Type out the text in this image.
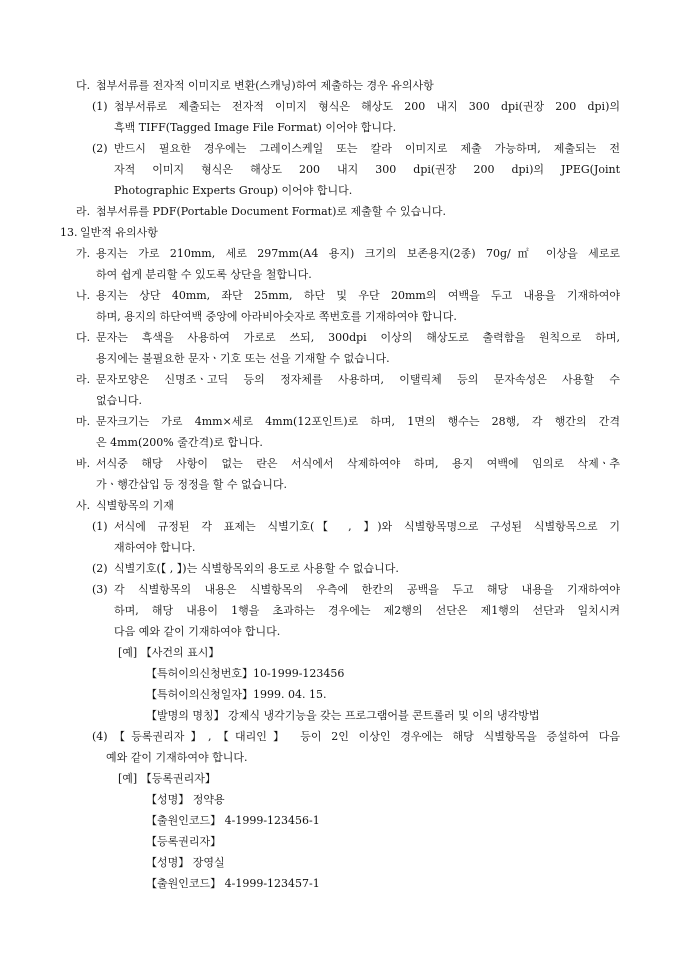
다. 첨부서류를 전자적 이미지로 변환(스캐닝)하여 제출하는 경우 유의사항
(1) 첨부서류로 제출되는 전자적 이미지 형식은 해상도 200 내지 300 dpi(권장 200 dpi)의
흑백 TIFF(Tagged Image File Format) 이어야 합니다.
(2) 반드시 필요한 경우에는 그레이스케일 또는 칼라 이미지로 제출 가능하며, 제출되는 전
자적 이미지 형식은 해상도 200 내지 300 dpi(권장 200 dpi)의 JPEG(Joint
Photographic Experts Group) 이어야 합니다.
라. 첨부서류를 PDF(Portable Document Format)로 제출할 수 있습니다.
13. 일반적 유의사항
가. 용지는 가로 210mm, 세로 297mm(A4 용지) 크기의 보존용지(2종) 70g/㎡ 이상을 세로로
하여 쉽게 분리할 수 있도록 상단을 철합니다.
나. 용지는 상단 40mm, 좌단 25mm, 하단 및 우단 20mm의 여백을 두고 내용을 기재하여야
하며, 용지의 하단여백 중앙에 아라비아숫자로 쪽번호를 기재하여야 합니다.
다. 문자는 흑색을 사용하여 가로로 쓰되, 300dpi 이상의 해상도로 출력함을 원칙으로 하며,
용지에는 불필요한 문자ㆍ기호 또는 선을 기재할 수 없습니다.
라. 문자모양은 신명조ㆍ고딕 등의 정자체를 사용하며, 이탤릭체 등의 문자속성은 사용할 수
없습니다.
마. 문자크기는 가로 4mm×세로 4mm(12포인트)로 하며, 1면의 행수는 28행, 각 행간의 간격
은 4mm(200% 줄간격)로 합니다.
바. 서식중 해당 사항이 없는 란은 서식에서 삭제하여야 하며, 용지 여백에 임의로 삭제ㆍ추
가ㆍ행간삽입 등 정정을 할 수 없습니다.
사. 식별항목의 기재
(1) 서식에 규정된 각 표제는 식별기호(【 , 】)와 식별항목명으로 구성된 식별항목으로 기
재하여야 합니다.
(2) 식별기호(【 , 】)는 식별항목외의 용도로 사용할 수 없습니다.
(3) 각 식별항목의 내용은 식별항목의 우측에 한칸의 공백을 두고 해당 내용을 기재하여야
하며, 해당 내용이 1행을 초과하는 경우에는 제2행의 선단은 제1행의 선단과 일치시켜
다음 예와 같이 기재하여야 합니다.
[예] 【사건의 표시】
【특허이의신청번호】10-1999-123456
【특허이의신청일자】1999. 04. 15.
【발명의 명칭】 강제식 냉각기능을 갖는 프로그램어블 콘트롤러 및 이의 냉각방법
(4) 【등록권리자】,【대리인】 등이 2인 이상인 경우에는 해당 식별항목을 증설하여 다음
예와 같이 기재하여야 합니다.
[예] 【등록권리자】
【성명】 정약용
【출원인코드】 4-1999-123456-1
【등록권리자】
【성명】 장영실
【출원인코드】 4-1999-123457-1
